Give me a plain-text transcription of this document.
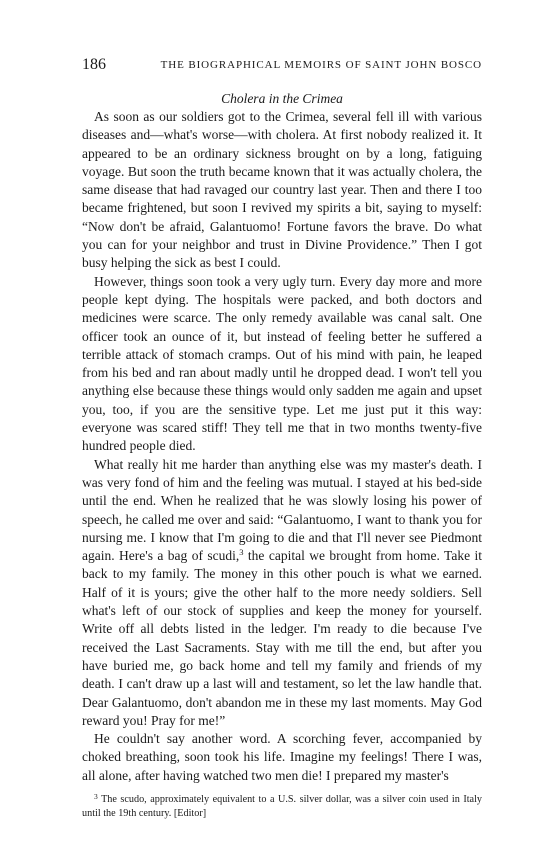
186	THE BIOGRAPHICAL MEMOIRS OF SAINT JOHN BOSCO
Cholera in the Crimea

As soon as our soldiers got to the Crimea, several fell ill with various diseases and—what's worse—with cholera. At first nobody realized it. It appeared to be an ordinary sickness brought on by a long, fatiguing voyage. But soon the truth became known that it was actually cholera, the same disease that had ravaged our country last year. Then and there I too became frightened, but soon I revived my spirits a bit, saying to myself: “Now don't be afraid, Galantuomo! Fortune favors the brave. Do what you can for your neighbor and trust in Divine Providence.” Then I got busy helping the sick as best I could.

However, things soon took a very ugly turn. Every day more and more people kept dying. The hospitals were packed, and both doctors and medicines were scarce. The only remedy available was canal salt. One officer took an ounce of it, but instead of feeling better he suffered a terrible attack of stomach cramps. Out of his mind with pain, he leaped from his bed and ran about madly until he dropped dead. I won't tell you anything else because these things would only sadden me again and upset you, too, if you are the sensitive type. Let me just put it this way: everyone was scared stiff! They tell me that in two months twenty-five hundred people died.

What really hit me harder than anything else was my master's death. I was very fond of him and the feeling was mutual. I stayed at his bed-side until the end. When he realized that he was slowly losing his power of speech, he called me over and said: “Galantuomo, I want to thank you for nursing me. I know that I'm going to die and that I'll never see Piedmont again. Here's a bag of scudi,$^3$ the capital we brought from home. Take it back to my family. The money in this other pouch is what we earned. Half of it is yours; give the other half to the more needy soldiers. Sell what's left of our stock of supplies and keep the money for yourself. Write off all debts listed in the ledger. I'm ready to die because I've received the Last Sacraments. Stay with me till the end, but after you have buried me, go back home and tell my family and friends of my death. I can't draw up a last will and testament, so let the law handle that. Dear Galantuomo, don't abandon me in these my last moments. May God reward you! Pray for me!”

He couldn't say another word. A scorching fever, accompanied by choked breathing, soon took his life. Imagine my feelings! There I was, all alone, after having watched two men die! I prepared my master's

$^3$ The scudo, approximately equivalent to a U.S. silver dollar, was a silver coin used in Italy until the 19th century. [Editor]
